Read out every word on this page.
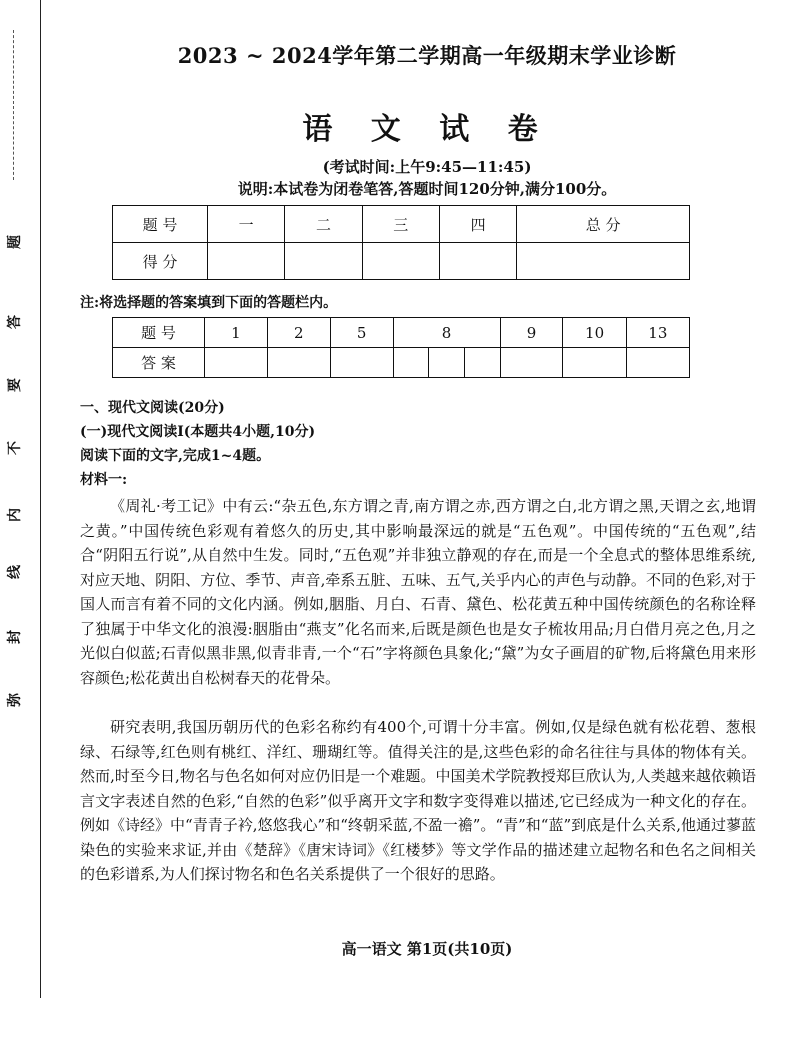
题
答
要
不
内
线
封
弥
2023 ~ 2024学年第二学期高一年级期末学业诊断
语 文 试 卷
(考试时间:上午9:45—11:45)
说明:本试卷为闭卷笔答,答题时间120分钟,满分100分。
题 号	一	二	三	四	总 分
得 分					
注:将选择题的答案填到下面的答题栏内。
题 号	1	2	5	8			9	10	13
答 案									
一、现代文阅读(20分)
(一)现代文阅读Ⅰ(本题共4小题,10分)
阅读下面的文字,完成1~4题。
材料一:
《周礼·考工记》中有云:“杂五色,东方谓之青,南方谓之赤,西方谓之白,北方谓之黑,天谓之玄,地谓之黄。”中国传统色彩观有着悠久的历史,其中影响最深远的就是“五色观”。中国传统的“五色观”,结合“阴阳五行说”,从自然中生发。同时,“五色观”并非独立静观的存在,而是一个全息式的整体思维系统,对应天地、阴阳、方位、季节、声音,牵系五脏、五味、五气,关乎内心的声色与动静。不同的色彩,对于国人而言有着不同的文化内涵。例如,胭脂、月白、石青、黛色、松花黄五种中国传统颜色的名称诠释了独属于中华文化的浪漫:胭脂由“燕支”化名而来,后既是颜色也是女子梳妆用品;月白借月亮之色,月之光似白似蓝;石青似黑非黑,似青非青,一个“石”字将颜色具象化;“黛”为女子画眉的矿物,后将黛色用来形容颜色;松花黄出自松树春天的花骨朵。
研究表明,我国历朝历代的色彩名称约有400个,可谓十分丰富。例如,仅是绿色就有松花碧、葱根绿、石绿等,红色则有桃红、洋红、珊瑚红等。值得关注的是,这些色彩的命名往往与具体的物体有关。然而,时至今日,物名与色名如何对应仍旧是一个难题。中国美术学院教授郑巨欣认为,人类越来越依赖语言文字表述自然的色彩,“自然的色彩”似乎离开文字和数字变得难以描述,它已经成为一种文化的存在。例如《诗经》中“青青子衿,悠悠我心”和“终朝采蓝,不盈一襜”。“青”和“蓝”到底是什么关系,他通过蓼蓝染色的实验来求证,并由《楚辞》《唐宋诗词》《红楼梦》等文学作品的描述建立起物名和色名之间相关的色彩谱系,为人们探讨物名和色名关系提供了一个很好的思路。
高一语文 第1页(共10页)
